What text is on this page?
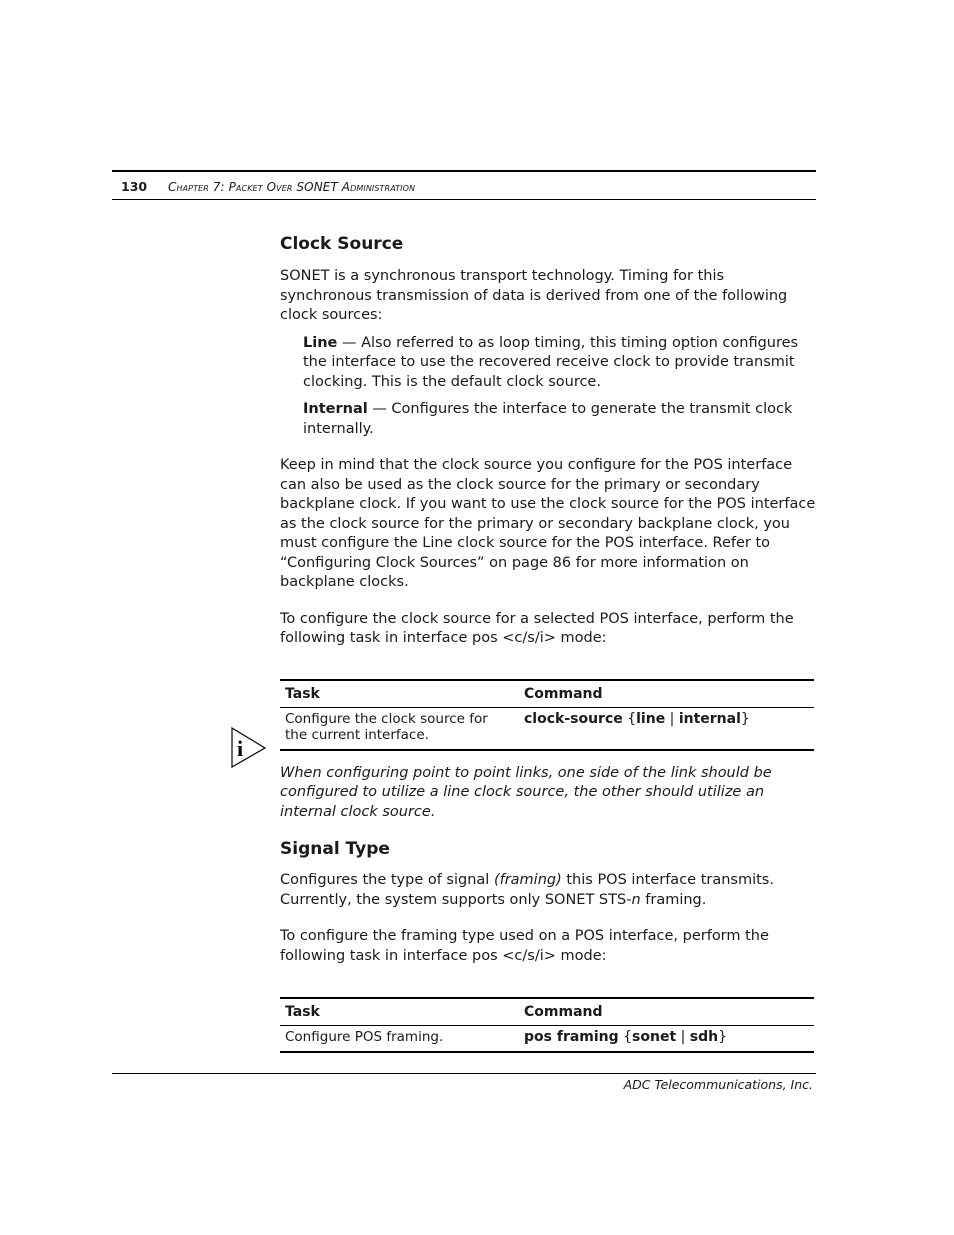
130 Chapter 7: Packet Over SONET Administration
Clock Source

SONET is a synchronous transport technology. Timing for this synchronous transmission of data is derived from one of the following clock sources:

Line — Also referred to as loop timing, this timing option configures the interface to use the recovered receive clock to provide transmit clocking. This is the default clock source.

Internal — Configures the interface to generate the transmit clock internally.

Keep in mind that the clock source you configure for the POS interface can also be used as the clock source for the primary or secondary backplane clock. If you want to use the clock source for the POS interface as the clock source for the primary or secondary backplane clock, you must configure the Line clock source for the POS interface. Refer to “Configuring Clock Sources” on page 86 for more information on backplane clocks.

To configure the clock source for a selected POS interface, perform the following task in interface pos <c/s/i> mode:

Task	Command
Configure the clock source for the current interface.	clock-source {line | internal}

When configuring point to point links, one side of the link should be configured to utilize a line clock source, the other should utilize an internal clock source.

Signal Type

Configures the type of signal (framing) this POS interface transmits. Currently, the system supports only SONET STS-n framing.

To configure the framing type used on a POS interface, perform the following task in interface pos <c/s/i> mode:

Task	Command
Configure POS framing.	pos framing {sonet | sdh}
i
ADC Telecommunications, Inc.
